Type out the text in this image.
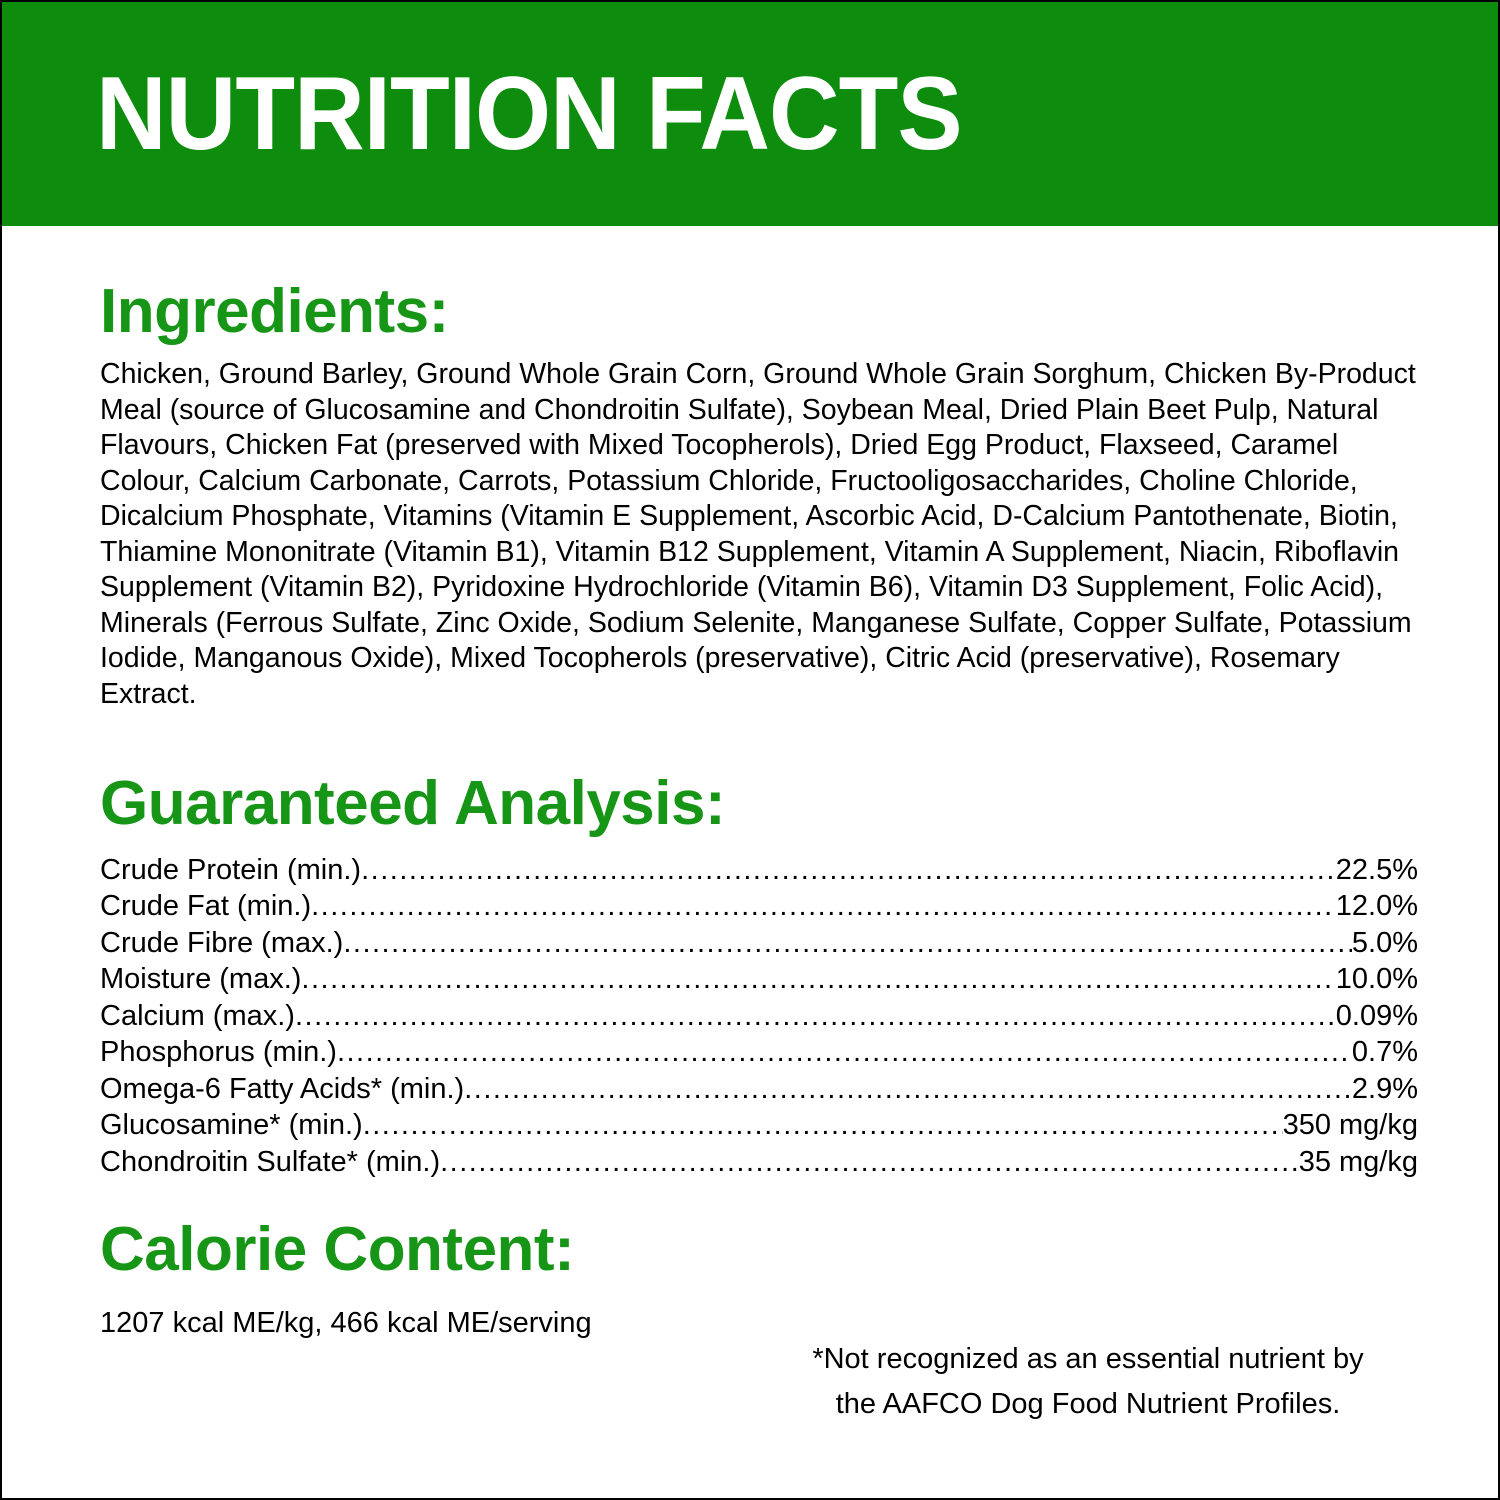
NUTRITION FACTS
Ingredients:
Chicken, Ground Barley, Ground Whole Grain Corn, Ground Whole Grain Sorghum, Chicken By-Product Meal (source of Glucosamine and Chondroitin Sulfate), Soybean Meal, Dried Plain Beet Pulp, Natural Flavours, Chicken Fat (preserved with Mixed Tocopherols), Dried Egg Product, Flaxseed, Caramel Colour, Calcium Carbonate, Carrots, Potassium Chloride, Fructooligosaccharides, Choline Chloride, Dicalcium Phosphate, Vitamins (Vitamin E Supplement, Ascorbic Acid, D-Calcium Pantothenate, Biotin, Thiamine Mononitrate (Vitamin B1), Vitamin B12 Supplement, Vitamin A Supplement, Niacin, Riboflavin Supplement (Vitamin B2), Pyridoxine Hydrochloride (Vitamin B6), Vitamin D3 Supplement, Folic Acid), Minerals (Ferrous Sulfate, Zinc Oxide, Sodium Selenite, Manganese Sulfate, Copper Sulfate, Potassium Iodide, Manganous Oxide), Mixed Tocopherols (preservative), Citric Acid (preservative), Rosemary Extract.
Guaranteed Analysis:
Crude Protein (min.) .....	22.5%
Crude Fat (min.) .....	12.0%
Crude Fibre (max.) .....	5.0%
Moisture (max.) .....	10.0%
Calcium (max.) .....	0.09%
Phosphorus (min.) .....	0.7%
Omega-6 Fatty Acids* (min.) .....	2.9%
Glucosamine* (min.) .....	350 mg/kg
Chondroitin Sulfate* (min.) .....	35 mg/kg
Calorie Content:
1207 kcal ME/kg, 466 kcal ME/serving
*Not recognized as an essential nutrient by
the AAFCO Dog Food Nutrient Profiles.
